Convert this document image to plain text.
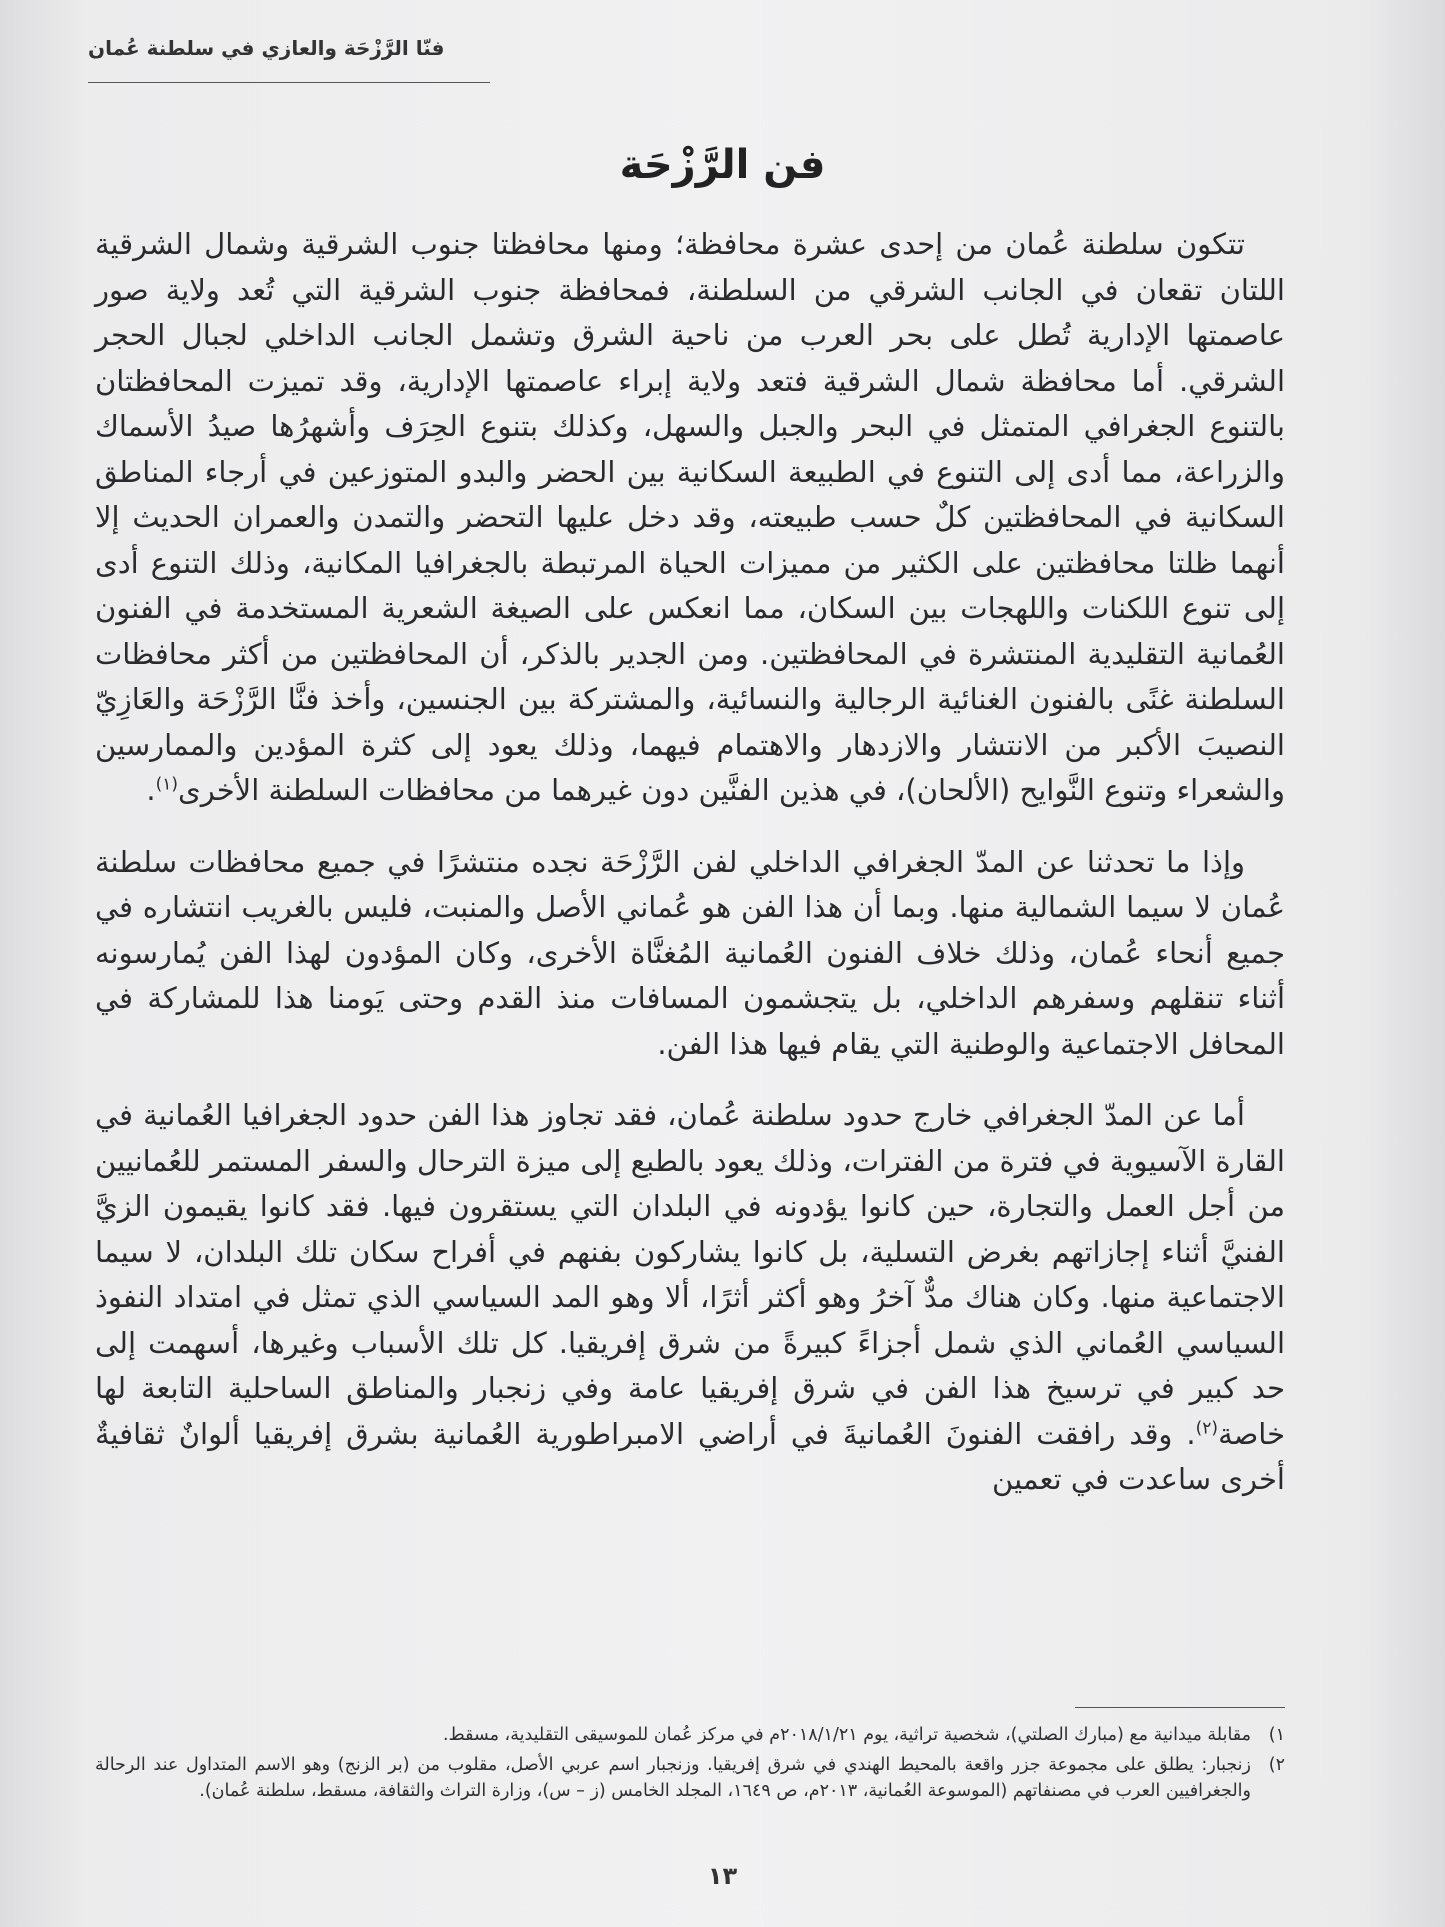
فنّا الرَّزْحَة والعازي في سلطنة عُمان
فن الرَّزْحَة

تتكون سلطنة عُمان من إحدى عشرة محافظة؛ ومنها محافظتا جنوب الشرقية وشمال الشرقية اللتان تقعان في الجانب الشرقي من السلطنة، فمحافظة جنوب الشرقية التي تُعد ولاية صور عاصمتها الإدارية تُطل على بحر العرب من ناحية الشرق وتشمل الجانب الداخلي لجبال الحجر الشرقي. أما محافظة شمال الشرقية فتعد ولاية إبراء عاصمتها الإدارية، وقد تميزت المحافظتان بالتنوع الجغرافي المتمثل في البحر والجبل والسهل، وكذلك بتنوع الحِرَف وأشهرُها صيدُ الأسماك والزراعة، مما أدى إلى التنوع في الطبيعة السكانية بين الحضر والبدو المتوزعين في أرجاء المناطق السكانية في المحافظتين كلٌ حسب طبيعته، وقد دخل عليها التحضر والتمدن والعمران الحديث إلا أنهما ظلتا محافظتين على الكثير من مميزات الحياة المرتبطة بالجغرافيا المكانية، وذلك التنوع أدى إلى تنوع اللكنات واللهجات بين السكان، مما انعكس على الصيغة الشعرية المستخدمة في الفنون العُمانية التقليدية المنتشرة في المحافظتين. ومن الجدير بالذكر، أن المحافظتين من أكثر محافظات السلطنة غنًى بالفنون الغنائية الرجالية والنسائية، والمشتركة بين الجنسين، وأخذ فنَّا الرَّزْحَة والعَازِيّ النصيبَ الأكبر من الانتشار والازدهار والاهتمام فيهما، وذلك يعود إلى كثرة المؤدين والممارسين والشعراء وتنوع النَّوايح (الألحان)، في هذين الفنَّين دون غيرهما من محافظات السلطنة الأخرى$^{(١)}$.

وإذا ما تحدثنا عن المدّ الجغرافي الداخلي لفن الرَّزْحَة نجده منتشرًا في جميع محافظات سلطنة عُمان لا سيما الشمالية منها. وبما أن هذا الفن هو عُماني الأصل والمنبت، فليس بالغريب انتشاره في جميع أنحاء عُمان، وذلك خلاف الفنون العُمانية المُغنَّاة الأخرى، وكان المؤدون لهذا الفن يُمارسونه أثناء تنقلهم وسفرهم الداخلي، بل يتجشمون المسافات منذ القدم وحتى يَومنا هذا للمشاركة في المحافل الاجتماعية والوطنية التي يقام فيها هذا الفن.

أما عن المدّ الجغرافي خارج حدود سلطنة عُمان، فقد تجاوز هذا الفن حدود الجغرافيا العُمانية في القارة الآسيوية في فترة من الفترات، وذلك يعود بالطبع إلى ميزة الترحال والسفر المستمر للعُمانيين من أجل العمل والتجارة، حين كانوا يؤدونه في البلدان التي يستقرون فيها. فقد كانوا يقيمون الزيَّ الفنيَّ أثناء إجازاتهم بغرض التسلية، بل كانوا يشاركون بفنهم في أفراح سكان تلك البلدان، لا سيما الاجتماعية منها. وكان هناك مدٌّ آخرُ وهو أكثر أثرًا، ألا وهو المد السياسي الذي تمثل في امتداد النفوذ السياسي العُماني الذي شمل أجزاءً كبيرةً من شرق إفريقيا. كل تلك الأسباب وغيرها، أسهمت إلى حد كبير في ترسيخ هذا الفن في شرق إفريقيا عامة وفي زنجبار والمناطق الساحلية التابعة لها خاصة$^{(٢)}$. وقد رافقت الفنونَ العُمانيةَ في أراضي الامبراطورية العُمانية بشرق إفريقيا ألوانٌ ثقافيةٌ أخرى ساعدت في تعمين

١)
مقابلة ميدانية مع (مبارك الصلتي)، شخصية تراثية، يوم ٢٠١٨/١/٢١م في مركز عُمان للموسيقى التقليدية، مسقط.
٢)
زنجبار: يطلق على مجموعة جزر واقعة بالمحيط الهندي في شرق إفريقيا. وزنجبار اسم عربي الأصل، مقلوب من (بر الزنج) وهو الاسم المتداول عند الرحالة والجغرافيين العرب في مصنفاتهم (الموسوعة العُمانية، ٢٠١٣م، ص ١٦٤٩، المجلد الخامس (ز – س)، وزارة التراث والثقافة، مسقط، سلطنة عُمان).
١٣
